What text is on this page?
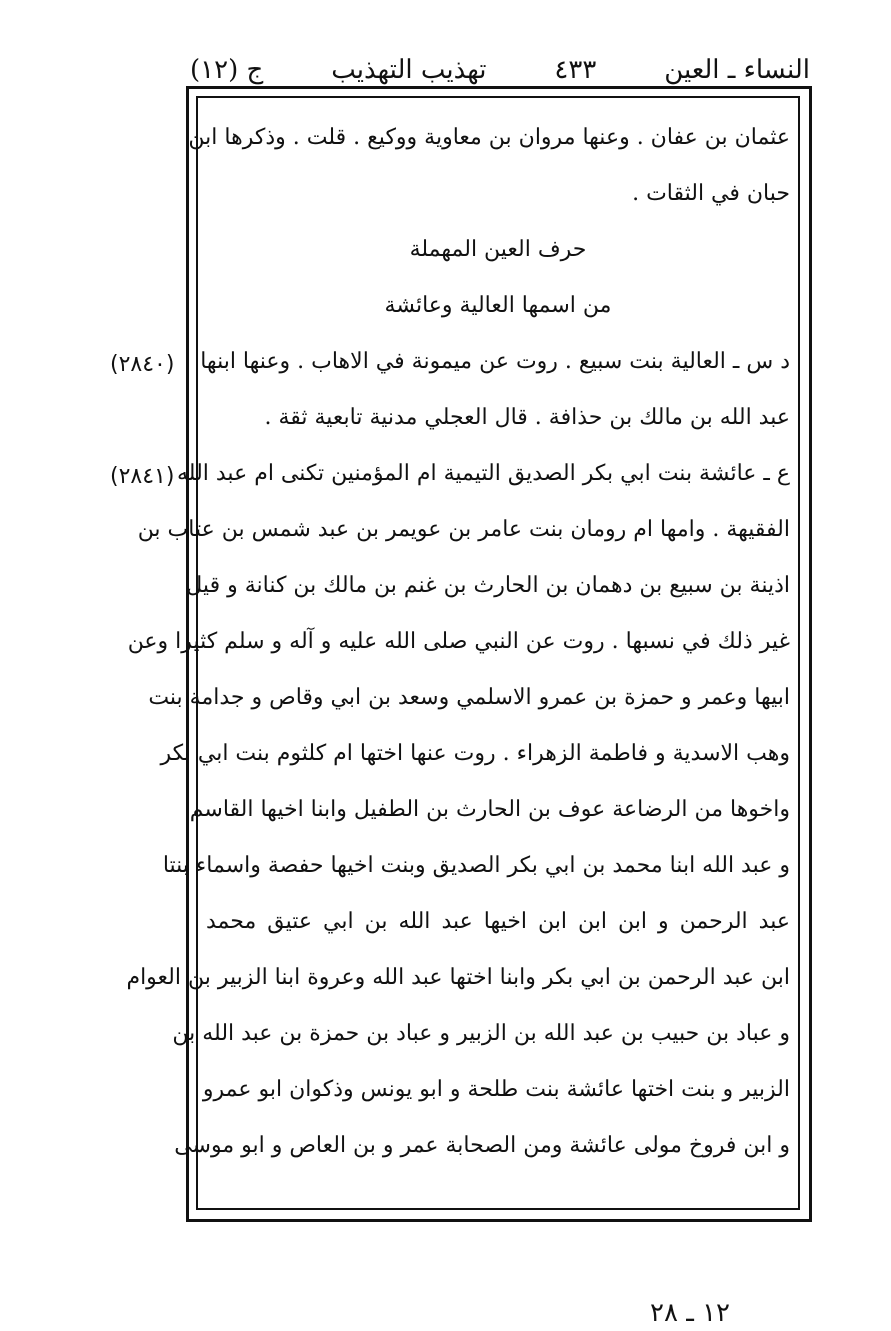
ج (١٢)	تهذيب التهذيب	٤٣٣	النساء ـ العين
عثمان بن عفان . وعنها مروان بن معاوية ووكيع . قلت . وذكرها ابن
حبان في الثقات .
حرف العين المهملة
من اسمها العالية وعائشة
د س ـ العالية بنت سبيع . روت عن ميمونة في الاهاب . وعنها ابنها
عبد الله بن مالك بن حذافة . قال العجلي مدنية تابعية ثقة .
ع ـ عائشة بنت ابي بكر الصديق التيمية ام المؤمنين تكنى ام عبد الله
الفقيهة . وامها ام رومان بنت عامر بن عويمر بن عبد شمس بن عتاب بن
اذينة بن سبيع بن دهمان بن الحارث بن غنم بن مالك بن كنانة و قيل
غير ذلك في نسبها . روت عن النبي صلى الله عليه و آله و سلم كثيرا وعن
ابيها وعمر و حمزة بن عمرو الاسلمي وسعد بن ابي وقاص و جدامة بنت
وهب الاسدية و فاطمة الزهراء . روت عنها اختها ام كلثوم بنت ابي بكر
واخوها من الرضاعة عوف بن الحارث بن الطفيل وابنا اخيها القاسم
و عبد الله ابنا محمد بن ابي بكر الصديق وبنت اخيها حفصة واسماء بنتا
عبد الرحمن و ابن ابن ابن اخيها عبد الله بن ابي عتيق محمد
ابن عبد الرحمن بن ابي بكر وابنا اختها عبد الله وعروة ابنا الزبير بن العوام
و عباد بن حبيب بن عبد الله بن الزبير و عباد بن حمزة بن عبد الله بن
الزبير و بنت اختها عائشة بنت طلحة و ابو يونس وذكوان ابو عمرو
و ابن فروخ مولى عائشة ومن الصحابة عمر و بن العاص و ابو موسى
(٢٨٤٠)
(٢٨٤١)
١٢ ـ ٢٨
